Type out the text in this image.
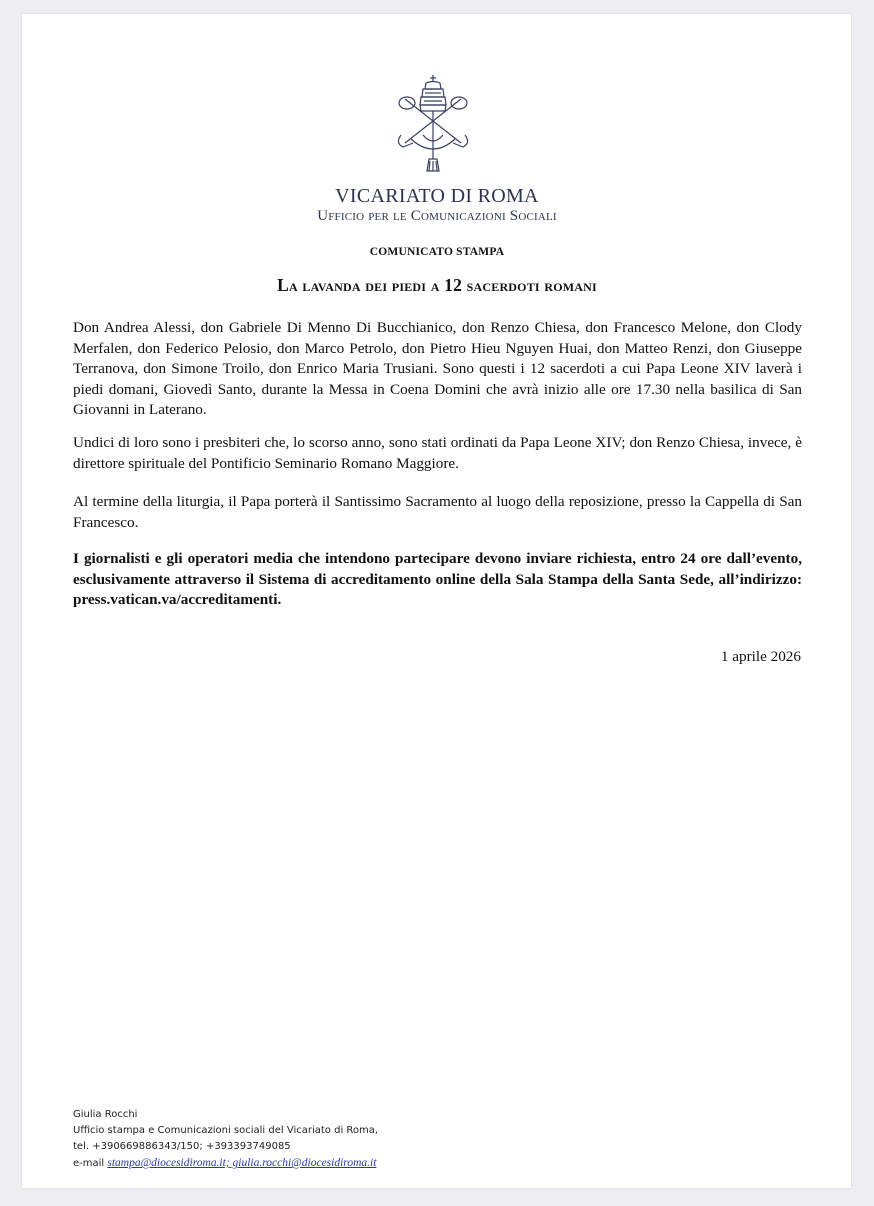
VICARIATO DI ROMA
Ufficio per le Comunicazioni Sociali
COMUNICATO STAMPA
La lavanda dei piedi a 12 sacerdoti romani

Don Andrea Alessi, don Gabriele Di Menno Di Bucchianico, don Renzo Chiesa, don Francesco Melone, don Clody Merfalen, don Federico Pelosio, don Marco Petrolo, don Pietro Hieu Nguyen Huai, don Matteo Renzi, don Giuseppe Terranova, don Simone Troilo, don Enrico Maria Trusiani. Sono questi i 12 sacerdoti a cui Papa Leone XIV laverà i piedi domani, Giovedì Santo, durante la Messa in Coena Domini che avrà inizio alle ore 17.30 nella basilica di San Giovanni in Laterano.

Undici di loro sono i presbiteri che, lo scorso anno, sono stati ordinati da Papa Leone XIV; don Renzo Chiesa, invece, è direttore spirituale del Pontificio Seminario Romano Maggiore.

Al termine della liturgia, il Papa porterà il Santissimo Sacramento al luogo della reposizione, presso la Cappella di San Francesco.

I giornalisti e gli operatori media che intendono partecipare devono inviare richiesta, entro 24 ore dall’evento, esclusivamente attraverso il Sistema di accreditamento online della Sala Stampa della Santa Sede, all’indirizzo: press.vatican.va/accreditamenti.

1 aprile 2026
Giulia Rocchi
Ufficio stampa e Comunicazioni sociali del Vicariato di Roma,
tel. +390669886343/150; +393393749085
e-mail stampa@diocesidiroma.it; giulia.rocchi@diocesidiroma.it
